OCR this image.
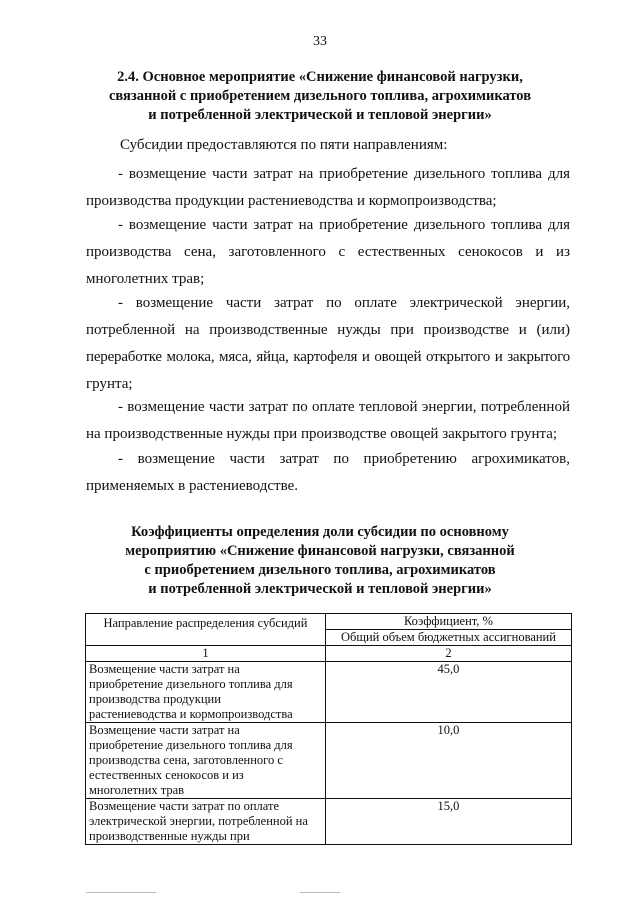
33
2.4. Основное мероприятие «Снижение финансовой нагрузки,
связанной с приобретением дизельного топлива, агрохимикатов
и потребленной электрической и тепловой энергии»
Субсидии предоставляются по пяти направлениям:
- возмещение части затрат на приобретение дизельного топлива для
производства продукции растениеводства и кормопроизводства;
- возмещение части затрат на приобретение дизельного топлива для
производства сена, заготовленного с естественных сенокосов и из
многолетних трав;
- возмещение части затрат по оплате электрической энергии,
потребленной на производственные нужды при производстве и (или)
переработке молока, мяса, яйца, картофеля и овощей открытого и закрытого
грунта;
- возмещение части затрат по оплате тепловой энергии, потребленной
на производственные нужды при производстве овощей закрытого грунта;
- возмещение части затрат по приобретению агрохимикатов,
применяемых в растениеводстве.
Коэффициенты определения доли субсидии по основному
мероприятию «Снижение финансовой нагрузки, связанной
с приобретением дизельного топлива, агрохимикатов
и потребленной электрической и тепловой энергии»
Направление распределения субсидий	Коэффициент, %
	Общий объем бюджетных ассигнований
1	2

Возмещение части затрат на
приобретение дизельного топлива для
производства продукции
растениеводства и кормопроизводства	45,0

Возмещение части затрат на
приобретение дизельного топлива для
производства сена, заготовленного с
естественных сенокосов и из
многолетних трав	10,0

Возмещение части затрат по оплате
электрической энергии, потребленной на
производственные нужды при	15,0
